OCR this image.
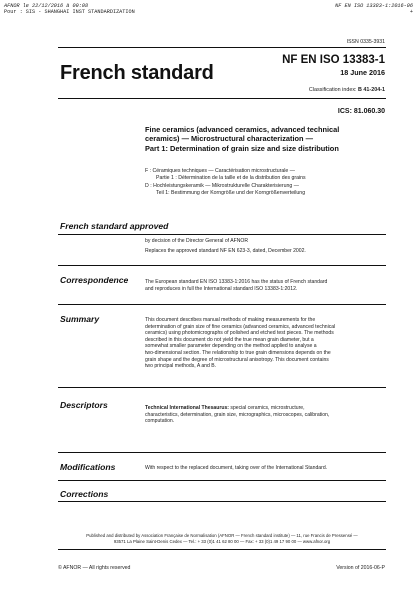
AFNOR le 22/12/2016 à 09:08
Pour : SIS - SHANGHAI INST STANDARDIZATION
NF EN ISO 13383-1:2016-06
+
ISSN 0335-3931
French standard
NF EN ISO 13383-1
18 June 2016
Classification index: B 41-204-1
ICS: 81.060.30
Fine ceramics (advanced ceramics, advanced technical
ceramics) — Microstructural characterization —
Part 1: Determination of grain size and size distribution
F : Céramiques techniques — Caractérisation microstructurale —
Partie 1 : Détermination de la taille et de la distribution des grains
D : Hochleistungskeramik — Mikrostrukturelle Charakterisierung —
Teil 1: Bestimmung der Korngröße und der Korngrößenverteilung
French standard approved
by decision of the Director General of AFNOR
Replaces the approved standard NF EN 623-3, dated, December 2002.
Correspondence	The European standard EN ISO 13383-1:2016 has the status of French standard
and reproduces in full the International standard ISO 13383-1:2012.
Summary	This document describes manual methods of making measurements for the
determination of grain size of fine ceramics (advanced ceramics, advanced technical
ceramics) using photomicrographs of polished and etched test pieces. The methods
described in this document do not yield the true mean grain diameter, but a
somewhat smaller parameter depending on the method applied to analyse a
two-dimensional section. The relationship to true grain dimensions depends on the
grain shape and the degree of microstructural anisotropy. This document contains
two principal methods, A and B.
Descriptors	Technical International Thesaurus: special ceramics, microstructure,
characteristics, determination, grain size, micrographics, microscopes, calibration,
computation.
Modifications	With respect to the replaced document, taking over of the International Standard.
Corrections
Published and distributed by Association Française de Normalisation (AFNOR — French standard institute) — 11, rue Francis de Pressensé —
93571 La Plaine Saint-Denis Cedex — Tel.: + 33 (0)1 41 62 80 00 — Fax: + 33 (0)1 49 17 90 00 — www.afnor.org
© AFNOR — All rights reserved	Version of 2016-06-P
